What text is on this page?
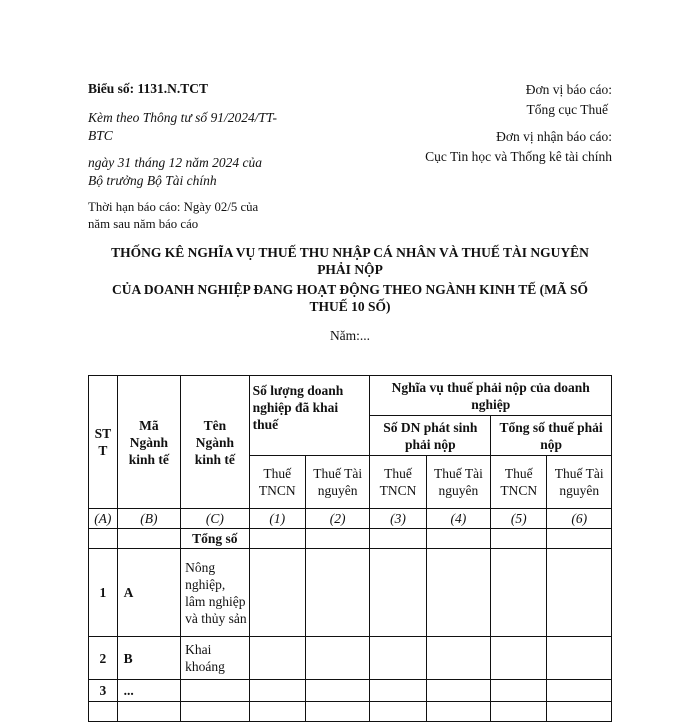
Biểu số: 1131.N.TCT
Kèm theo Thông tư số 91/2024/TT-
BTC
ngày 31 tháng 12 năm 2024 của
Bộ trưởng Bộ Tài chính
Thời hạn báo cáo: Ngày 02/5 của
năm sau năm báo cáo
Đơn vị báo cáo:
Tổng cục Thuế
Đơn vị nhận báo cáo:
Cục Tin học và Thống kê tài chính
THỐNG KÊ NGHĨA VỤ THUẾ THU NHẬP CÁ NHÂN VÀ THUẾ TÀI NGUYÊN
PHẢI NỘP
CỦA DOANH NGHIỆP ĐANG HOẠT ĐỘNG THEO NGÀNH KINH TẾ (MÃ SỐ
THUẾ 10 SỐ)
Năm:...
STT	Mã Ngành kinh tế	Tên Ngành kinh tế	Số lượng doanh nghiệp đã khai thuế		Nghĩa vụ thuế phải nộp của doanh nghiệp			
					Số DN phát sinh phải nộp		Tổng số thuế phải nộp	
			Thuế TNCN	Thuế Tài nguyên	Thuế TNCN	Thuế Tài nguyên	Thuế TNCN	Thuế Tài nguyên
(A)	(B)	(C)	(1)	(2)	(3)	(4)	(5)	(6)
		Tổng số						
1	A	Nông nghiệp, lâm nghiệp và thủy sản						
2	B	Khai khoáng						
3	...							
